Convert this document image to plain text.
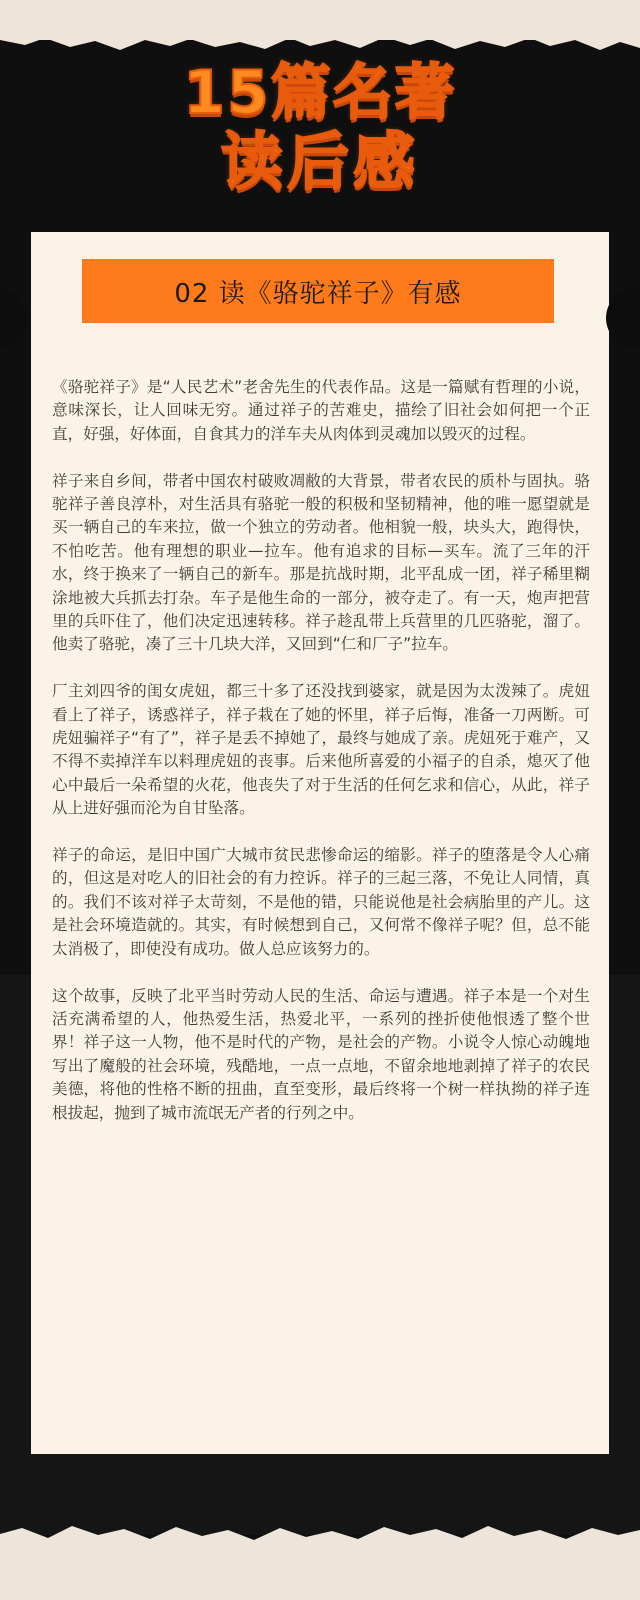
15篇名著
读后感
02 读《骆驼祥子》有感

《骆驼祥子》是“人民艺术”老舍先生的代表作品。这是一篇赋有哲理的小说，意味深长，让人回味无穷。通过祥子的苦难史，描绘了旧社会如何把一个正直，好强，好体面，自食其力的洋车夫从肉体到灵魂加以毁灭的过程。

祥子来自乡间，带者中国农村破败凋敝的大背景，带者农民的质朴与固执。骆驼祥子善良淳朴，对生活具有骆驼一般的积极和坚韧精神，他的唯一愿望就是买一辆自己的车来拉，做一个独立的劳动者。他相貌一般，块头大，跑得快，不怕吃苦。他有理想的职业—拉车。他有追求的目标—买车。流了三年的汗水，终于换来了一辆自己的新车。那是抗战时期，北平乱成一团，祥子稀里糊涂地被大兵抓去打杂。车子是他生命的一部分，被夺走了。有一天，炮声把营里的兵吓住了，他们决定迅速转移。祥子趁乱带上兵营里的几匹骆驼，溜了。他卖了骆驼，凑了三十几块大洋，又回到“仁和厂子”拉车。

厂主刘四爷的闺女虎妞，都三十多了还没找到婆家，就是因为太泼辣了。虎妞看上了祥子，诱惑祥子，祥子栽在了她的怀里，祥子后悔，准备一刀两断。可虎妞骗祥子“有了”，祥子是丢不掉她了，最终与她成了亲。虎妞死于难产，又不得不卖掉洋车以料理虎妞的丧事。后来他所喜爱的小福子的自杀，熄灭了他心中最后一朵希望的火花，他丧失了对于生活的任何乞求和信心，从此，祥子从上进好强而沦为自甘坠落。

祥子的命运，是旧中国广大城市贫民悲惨命运的缩影。祥子的堕落是令人心痛的，但这是对吃人的旧社会的有力控诉。祥子的三起三落，不免让人同情，真的。我们不该对祥子太苛刻，不是他的错，只能说他是社会病胎里的产儿。这是社会环境造就的。其实，有时候想到自己，又何常不像祥子呢？但，总不能太消极了，即使没有成功。做人总应该努力的。

这个故事，反映了北平当时劳动人民的生活、命运与遭遇。祥子本是一个对生活充满希望的人，他热爱生活，热爱北平，一系列的挫折使他恨透了整个世界！祥子这一人物，他不是时代的产物，是社会的产物。小说令人惊心动魄地写出了魔般的社会环境，残酷地，一点一点地，不留余地地剥掉了祥子的农民美德，将他的性格不断的扭曲，直至变形，最后终将一个树一样执拗的祥子连根拔起，抛到了城市流氓无产者的行列之中。
